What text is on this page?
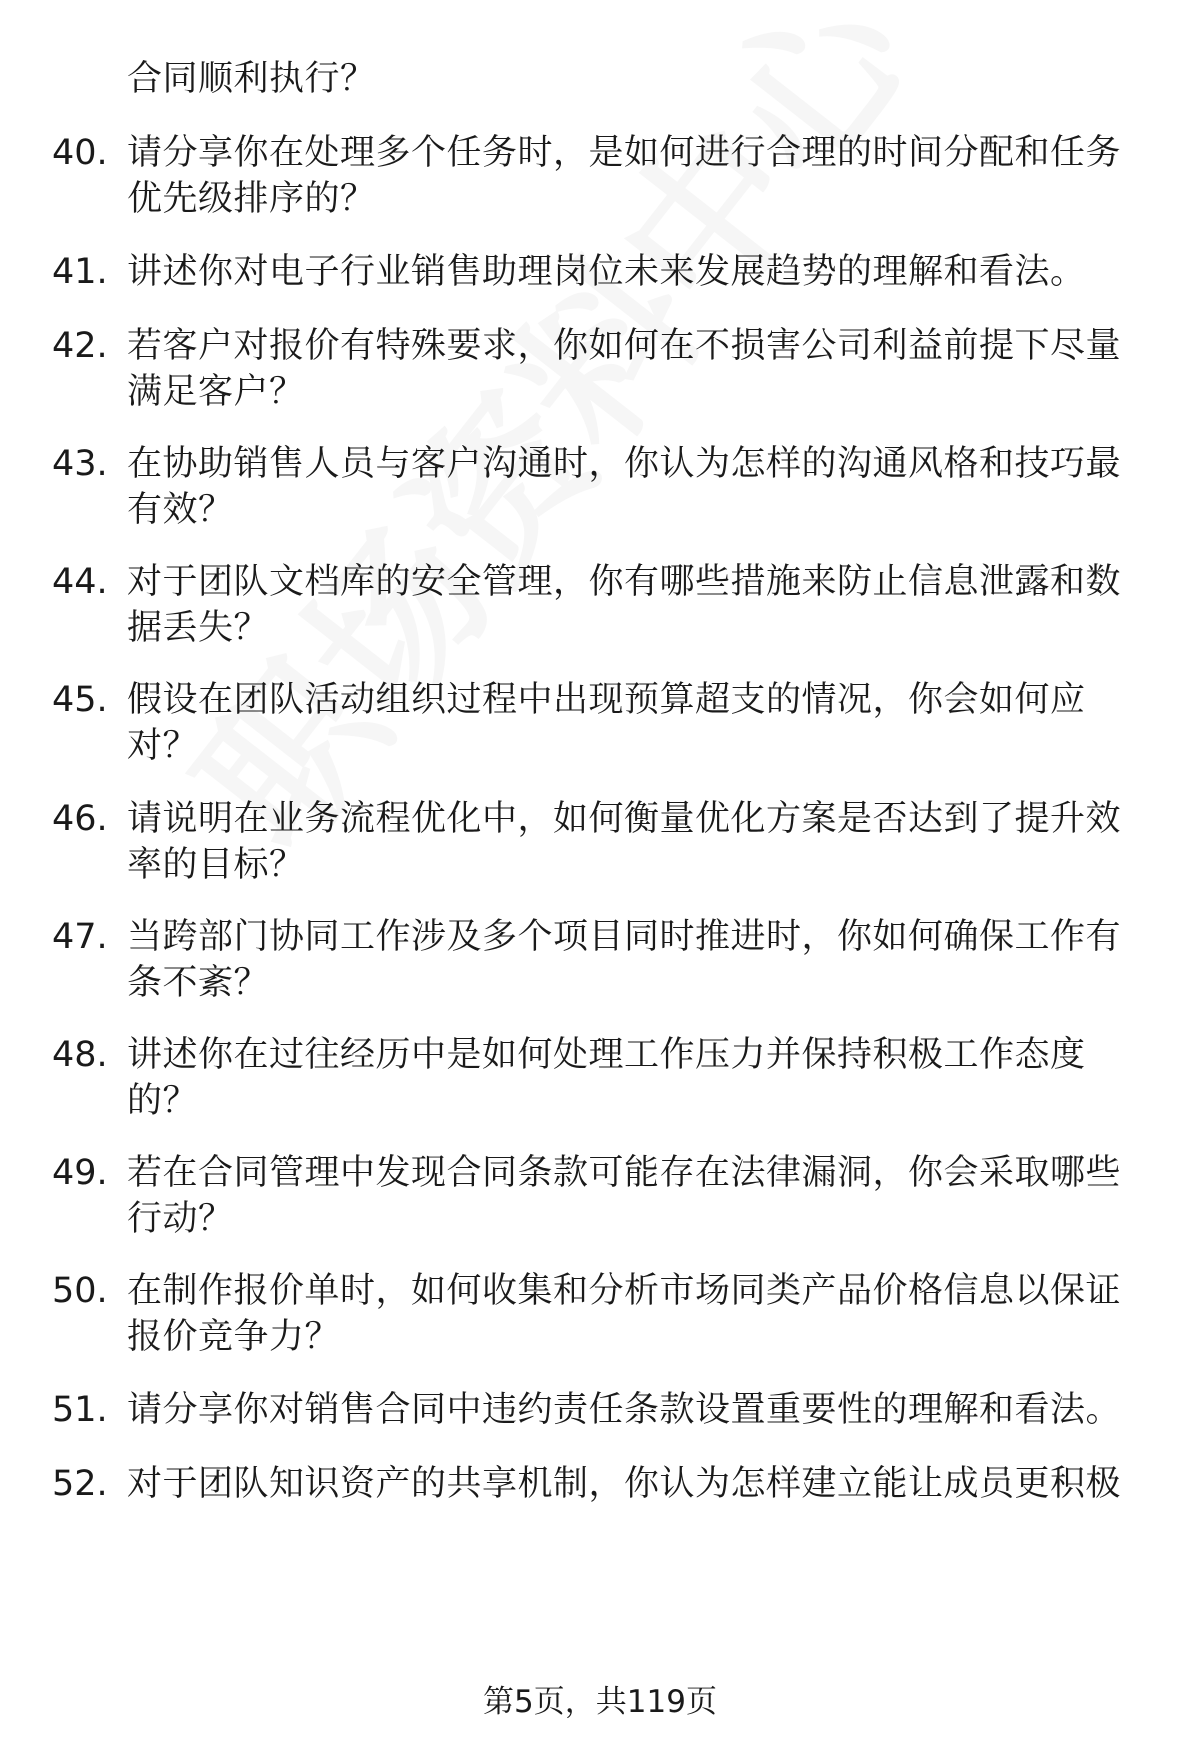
合同顺利执行？
40. 请分享你在处理多个任务时，是如何进行合理的时间分配和任务
优先级排序的？
41. 讲述你对电子行业销售助理岗位未来发展趋势的理解和看法。
42. 若客户对报价有特殊要求，你如何在不损害公司利益前提下尽量
满足客户？
43. 在协助销售人员与客户沟通时，你认为怎样的沟通风格和技巧最
有效？
44. 对于团队文档库的安全管理，你有哪些措施来防止信息泄露和数
据丢失？
45. 假设在团队活动组织过程中出现预算超支的情况，你会如何应
对？
46. 请说明在业务流程优化中，如何衡量优化方案是否达到了提升效
率的目标？
47. 当跨部门协同工作涉及多个项目同时推进时，你如何确保工作有
条不紊？
48. 讲述你在过往经历中是如何处理工作压力并保持积极工作态度
的？
49. 若在合同管理中发现合同条款可能存在法律漏洞，你会采取哪些
行动？
50. 在制作报价单时，如何收集和分析市场同类产品价格信息以保证
报价竞争力？
51. 请分享你对销售合同中违约责任条款设置重要性的理解和看法。
52. 对于团队知识资产的共享机制，你认为怎样建立能让成员更积极
第5页，共119页
